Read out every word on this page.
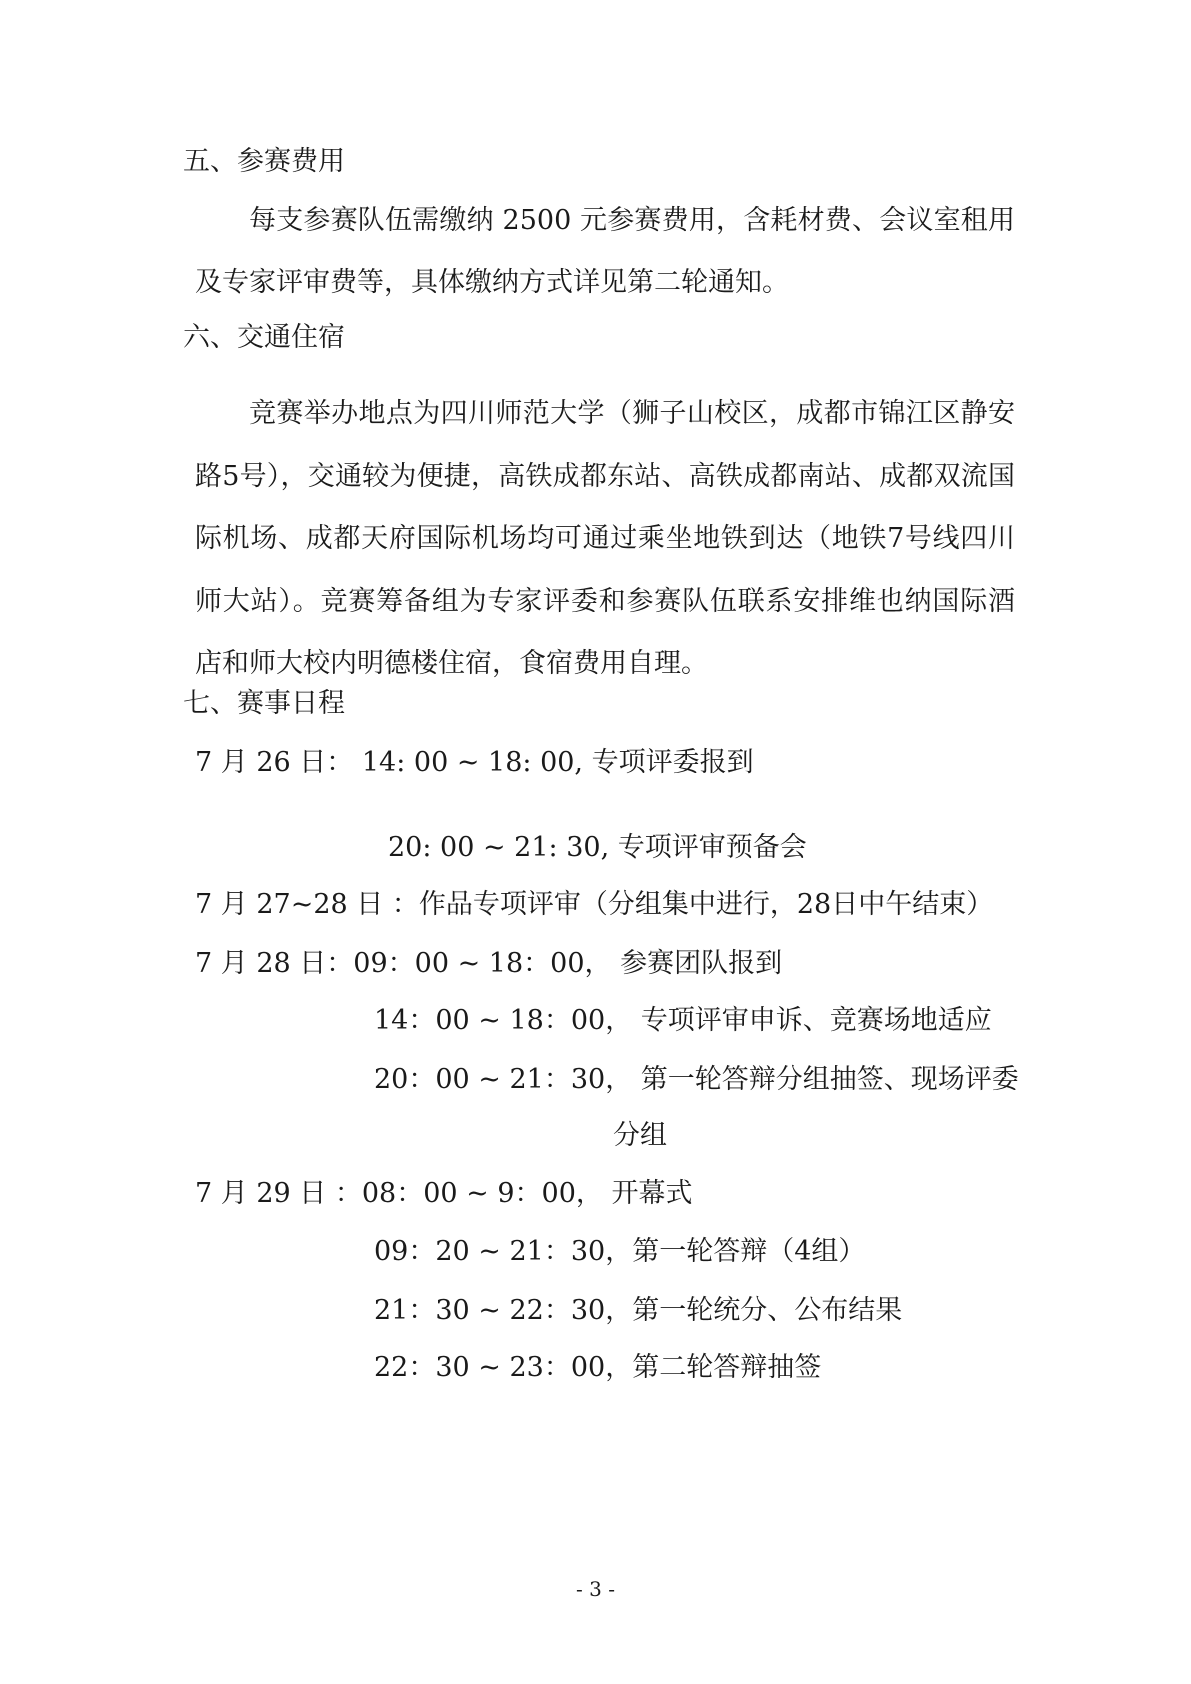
五、参赛费用
每支参赛队伍需缴纳 2500 元参赛费用，含耗材费、会议室租用及专家评审费等，具体缴纳方式详见第二轮通知。
六、交通住宿
竞赛举办地点为四川师范大学（狮子山校区，成都市锦江区静安路5号），交通较为便捷，高铁成都东站、高铁成都南站、成都双流国际机场、成都天府国际机场均可通过乘坐地铁到达（地铁7号线四川师大站）。竞赛筹备组为专家评委和参赛队伍联系安排维也纳国际酒店和师大校内明德楼住宿，食宿费用自理。
七、赛事日程
7 月 26 日： 14: 00 ~ 18: 00, 专项评委报到
20: 00 ~ 21: 30, 专项评审预备会
7 月 27~28 日 ：作品专项评审（分组集中进行，28日中午结束）
7 月 28 日：09：00 ~ 18：00， 参赛团队报到
14：00 ~ 18：00， 专项评审申诉、竞赛场地适应
20：00 ~ 21：30， 第一轮答辩分组抽签、现场评委
分组
7 月 29 日 ：08：00 ~ 9：00， 开幕式
09：20 ~ 21：30，第一轮答辩（4组）
21：30 ~ 22：30，第一轮统分、公布结果
22：30 ~ 23：00，第二轮答辩抽签
- 3 -
